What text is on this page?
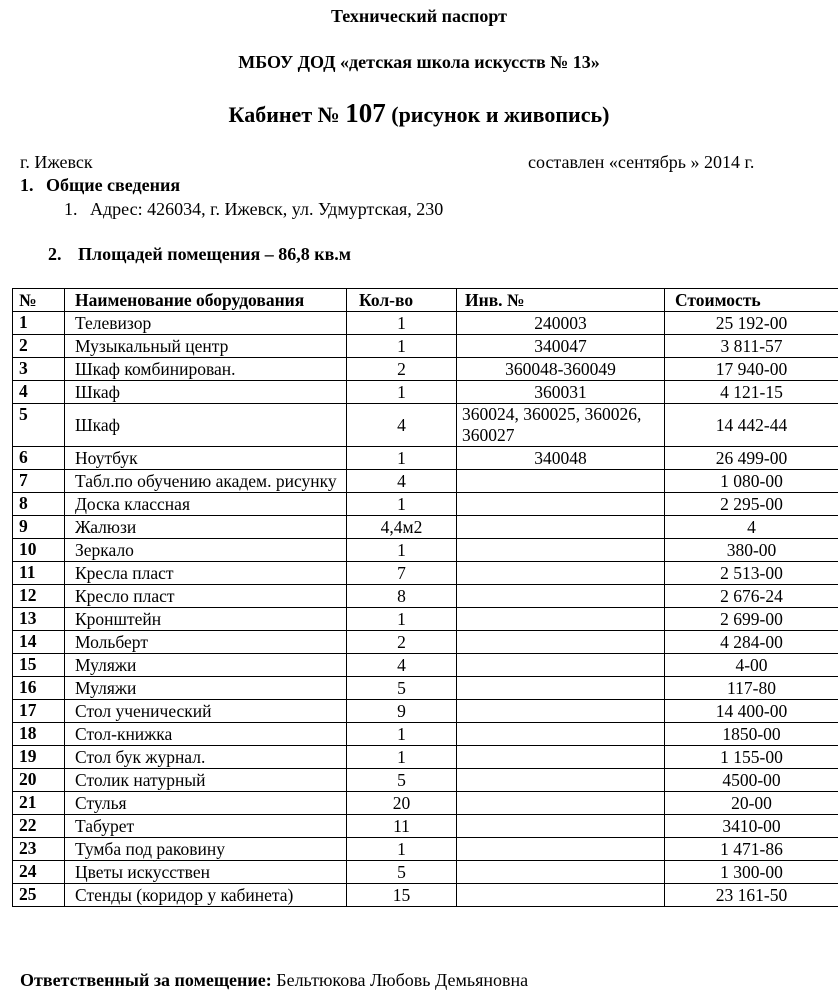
Технический паспорт
МБОУ ДОД «детская школа искусств № 13»
Кабинет № 107 (рисунок и живопись)
г. Ижевск	составлен «сентябрь » 2014 г.
1. Общие сведения
1. Адрес: 426034, г. Ижевск, ул. Удмуртская, 230
2. Площадей помещения – 86,8 кв.м
№	Наименование оборудования	Кол-во	Инв. №	Стоимость
1	Телевизор	1	240003	25 192-00
2	Музыкальный центр	1	340047	3 811-57
3	Шкаф комбинирован.	2	360048-360049	17 940-00
4	Шкаф	1	360031	4 121-15
5	Шкаф	4	360024, 360025, 360026, 360027	14 442-44
6	Ноутбук	1	340048	26 499-00
7	Табл.по обучению академ. рисунку	4		1 080-00
8	Доска классная	1		2 295-00
9	Жалюзи	4,4м2		4
10	Зеркало	1		380-00
11	Кресла пласт	7		2 513-00
12	Кресло пласт	8		2 676-24
13	Кронштейн	1		2 699-00
14	Мольберт	2		4 284-00
15	Муляжи	4		4-00
16	Муляжи	5		117-80
17	Стол ученический	9		14 400-00
18	Стол-книжка	1		1850-00
19	Стол бук журнал.	1		1 155-00
20	Столик натурный	5		4500-00
21	Стулья	20		20-00
22	Табурет	11		3410-00
23	Тумба под раковину	1		1 471-86
24	Цветы искусствен	5		1 300-00
25	Стенды (коридор у кабинета)	15		23 161-50
Ответственный за помещение: Бельтюкова Любовь Демьяновна
